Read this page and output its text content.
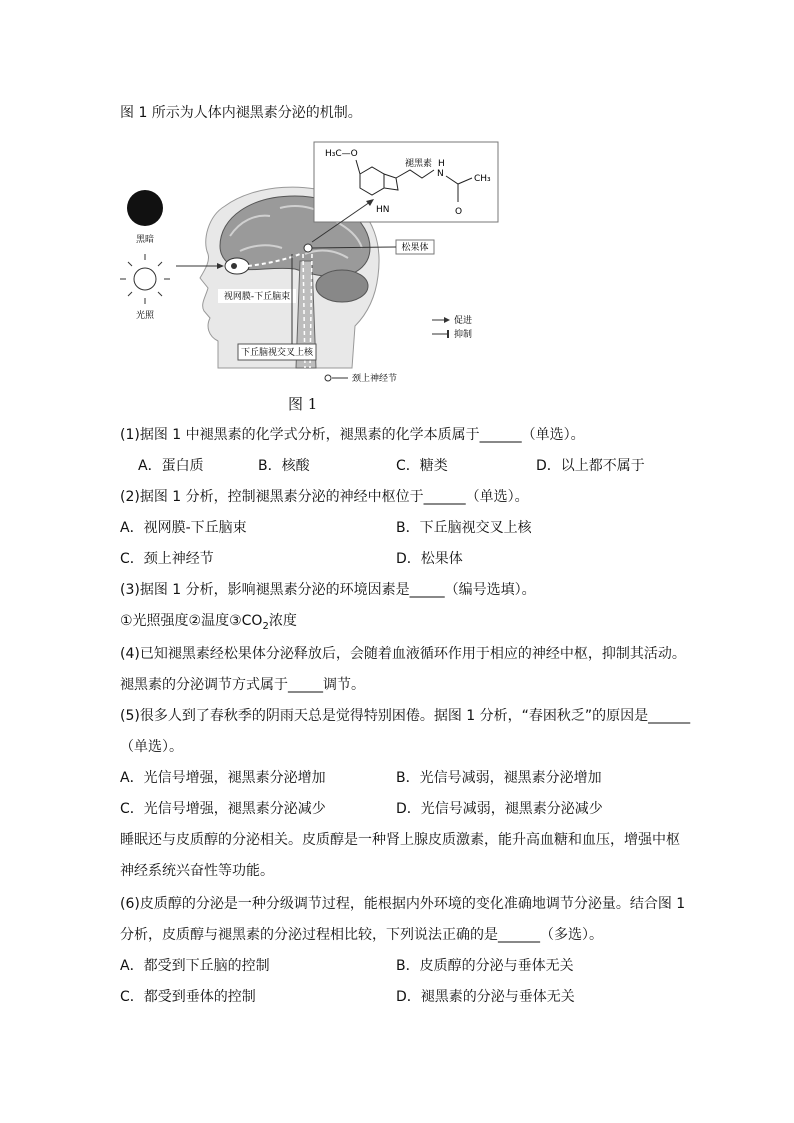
图 1 所示为人体内褪黑素分泌的机制。
黑暗
光照
H₃C—O
褪黑素
HN
H
N	CH₃
O
松果体
视网膜-下丘脑束
下丘脑视交叉上核
颈上神经节
促进
抑制
图 1
(1)据图 1 中褪黑素的化学式分析，褪黑素的化学本质属于______（单选）。
A．蛋白质	B．核酸	C．糖类	D．以上都不属于
(2)据图 1 分析，控制褪黑素分泌的神经中枢位于______（单选）。
A．视网膜-下丘脑束	B．下丘脑视交叉上核
C．颈上神经节	D．松果体
(3)据图 1 分析，影响褪黑素分泌的环境因素是_____（编号选填）。
①光照强度②温度$③CO_2$浓度
(4)已知褪黑素经松果体分泌释放后，会随着血液循环作用于相应的神经中枢，抑制其活动。
褪黑素的分泌调节方式属于_____调节。
(5)很多人到了春秋季的阴雨天总是觉得特别困倦。据图 1 分析，“春困秋乏”的原因是______
（单选）。
A．光信号增强，褪黑素分泌增加	B．光信号减弱，褪黑素分泌增加
C．光信号增强，褪黑素分泌减少	D．光信号减弱，褪黑素分泌减少
睡眠还与皮质醇的分泌相关。皮质醇是一种肾上腺皮质激素，能升高血糖和血压，增强中枢
神经系统兴奋性等功能。
(6)皮质醇的分泌是一种分级调节过程，能根据内外环境的变化准确地调节分泌量。结合图 1
分析，皮质醇与褪黑素的分泌过程相比较，下列说法正确的是______（多选）。
A．都受到下丘脑的控制	B．皮质醇的分泌与垂体无关
C．都受到垂体的控制	D．褪黑素的分泌与垂体无关
